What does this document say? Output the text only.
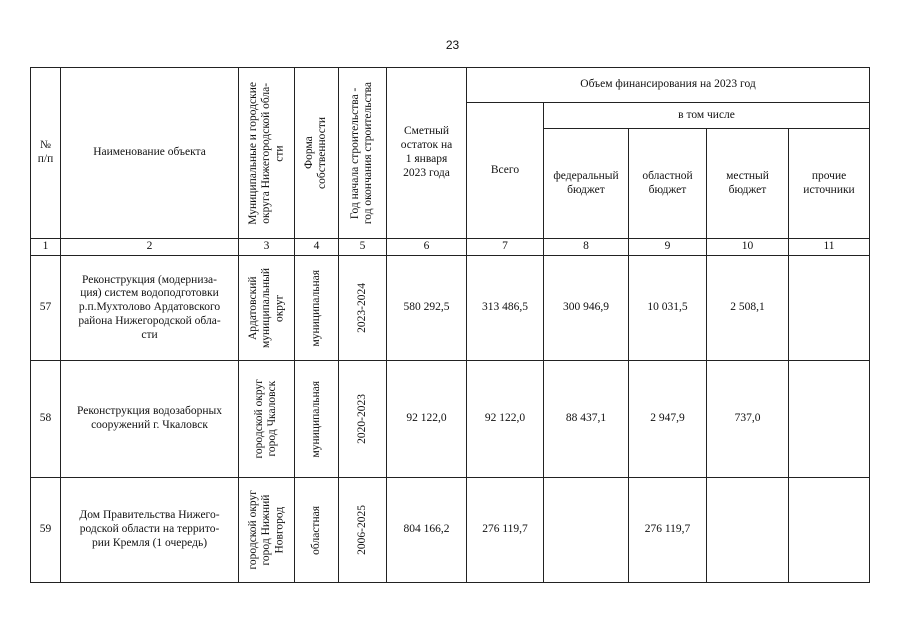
23
№
п/п	Наименование объекта	Муниципальные и городские
округа Нижегородской обла-
сти	Форма
собственности	Год начала строительства -
год окончания строительства	Сметный
остаток на
1 января
2023 года	Объем финансирования на 2023 год				
						Всего	в том числе			
							федеральный
бюджет	областной
бюджет	местный
бюджет	прочие
источники
1	2	3	4	5	6	7	8	9	10	11
57	Реконструкция (модерниза-
ция) систем водоподготовки
р.п.Мухтолово Ардатовского
района Нижегородской обла-
сти	Ардатовский
муниципальный
округ	муниципальная	2023-2024	580 292,5	313 486,5	300 946,9	10 031,5	2 508,1	
58	Реконструкция водозаборных
сооружений г. Чкаловск	городской округ
город Чкаловск	муниципальная	2020-2023	92 122,0	92 122,0	88 437,1	2 947,9	737,0	
59	Дом Правительства Нижего-
родской области на террито-
рии Кремля (1 очередь)	городской округ
город Нижний
Новгород	областная	2006-2025	804 166,2	276 119,7		276 119,7		
